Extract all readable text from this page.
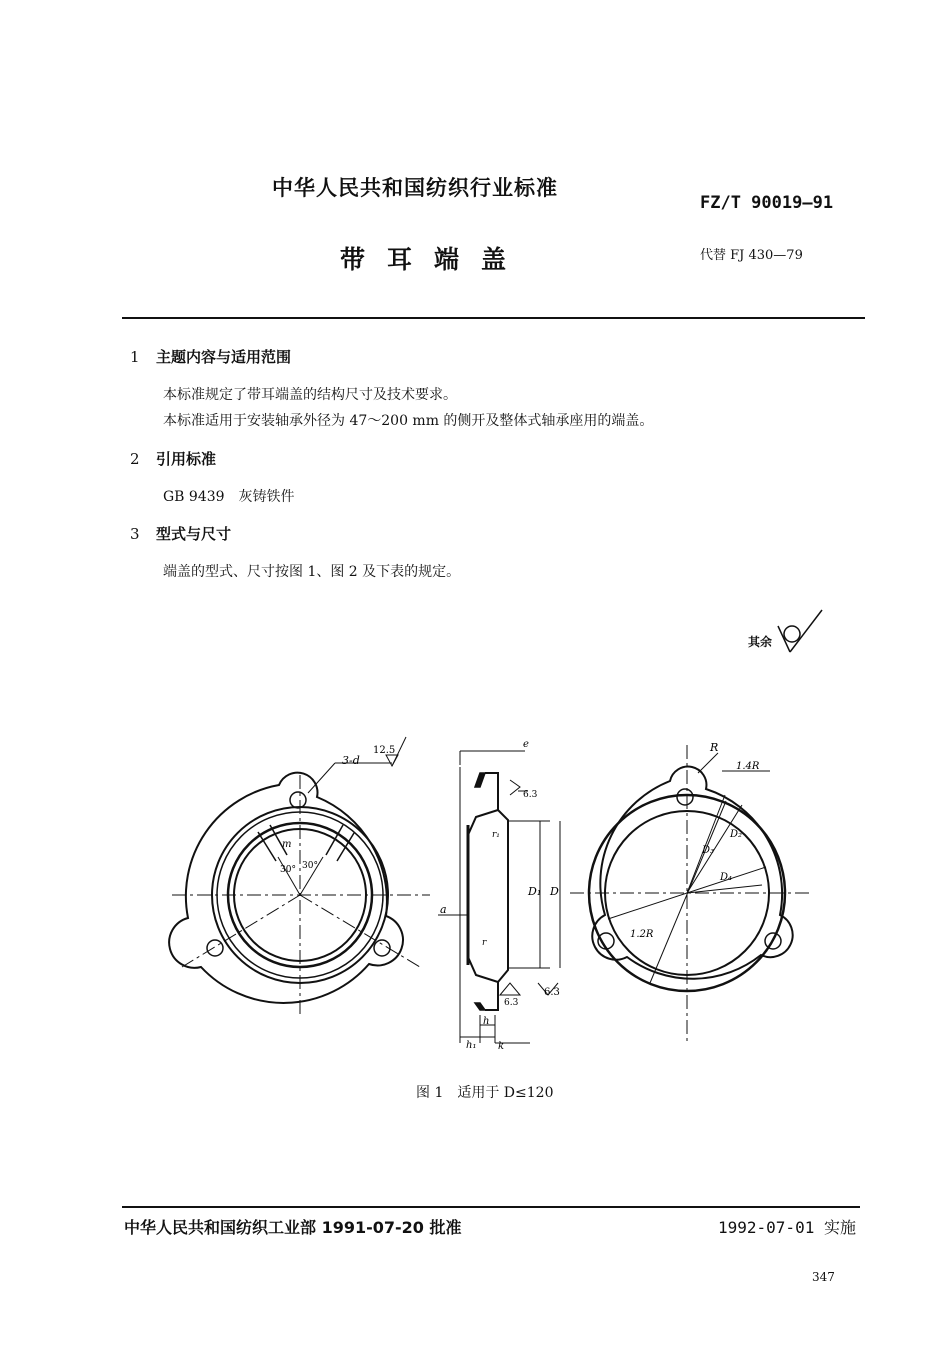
中华人民共和国纺织行业标准
FZ/T 90019—91
带耳端盖	代替 FJ 430—79
1 主题内容与适用范围
本标准规定了带耳端盖的结构尺寸及技术要求。
本标准适用于安装轴承外径为 47～200 mm 的侧开及整体式轴承座用的端盖。
2 引用标准
GB 9439　灰铸铁件
3 型式与尺寸
端盖的型式、尺寸按图 1、图 2 及下表的规定。
其余
3-d
12.5
m
30° 30°
e
6.3
6.3
6.3
r₁
r
a
D₁ D
h
h₁ k
R
1.4R
1.2R
D₂
D₃
D₄
图 1　适用于 D≤120
中华人民共和国纺织工业部 1991-07-20 批准	1992-07-01 实施
347
